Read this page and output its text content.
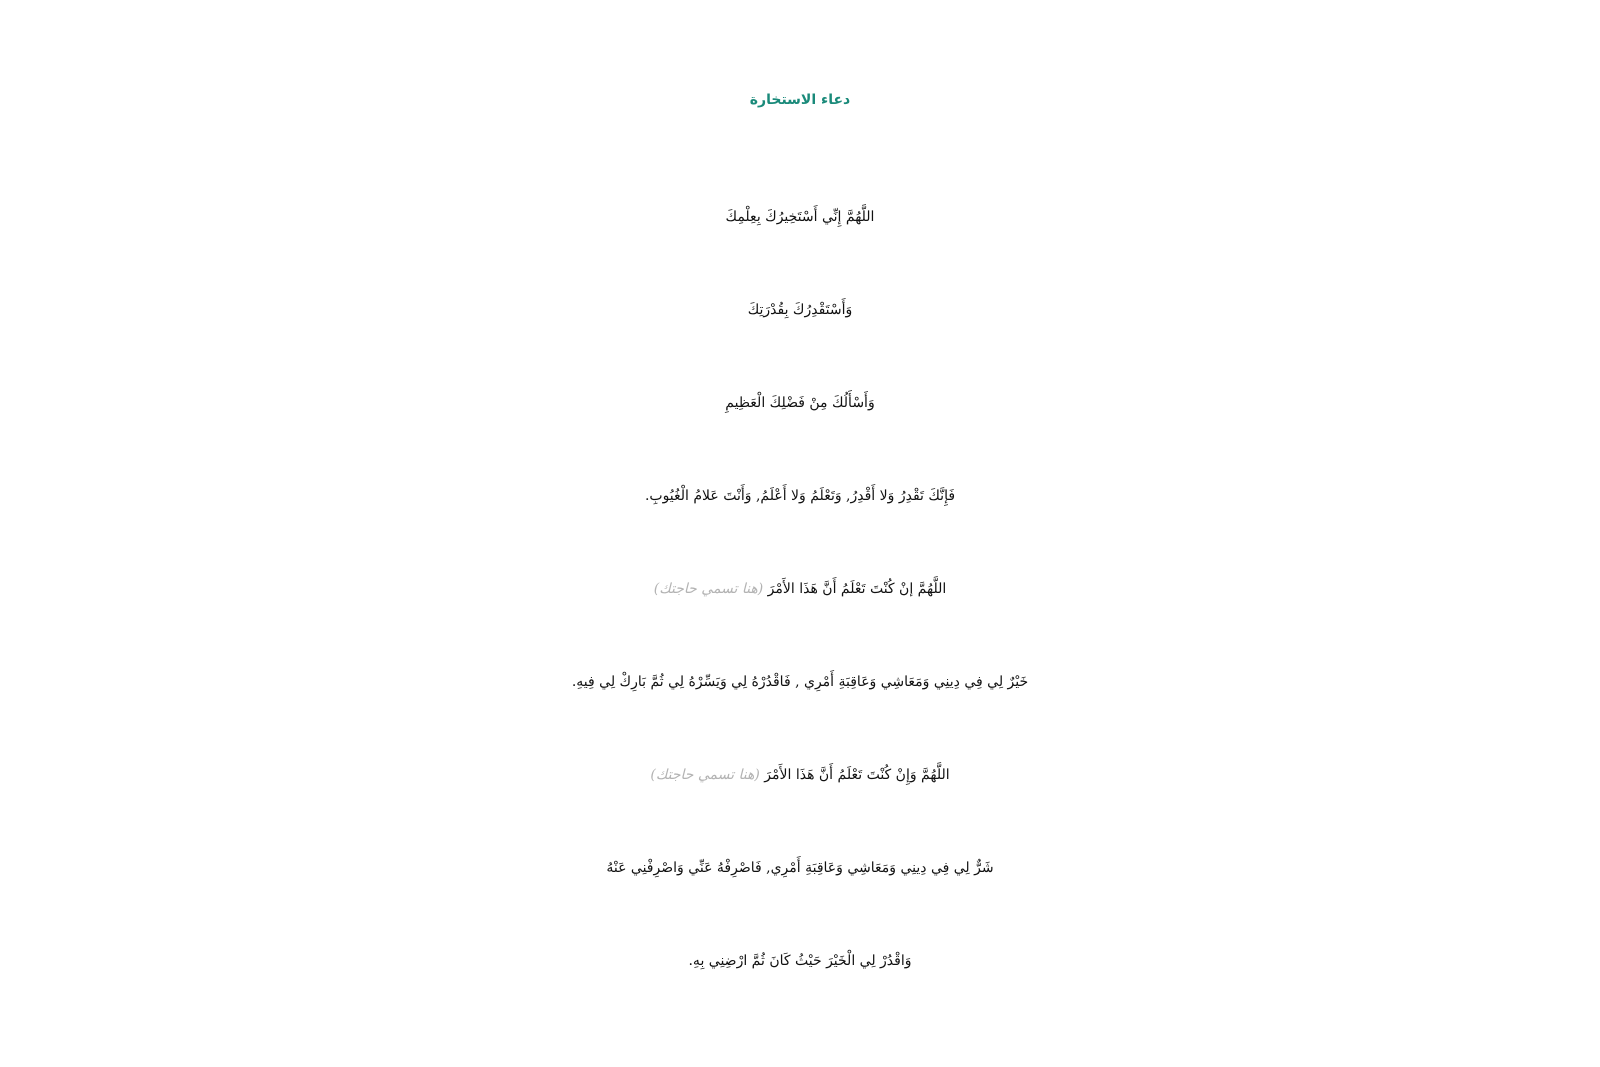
دعاء الاستخارة
اللَّهُمَّ إِنِّي أَسْتَخِيرُكَ بِعِلْمِكَ
وَأَسْتَقْدِرُكَ بِقُدْرَتِكَ
وَأَسْأَلُكَ مِنْ فَضْلِكَ الْعَظِيمِ
فَإِنَّكَ تَقْدِرُ وَلا أَقْدِرُ, وَتَعْلَمُ وَلا أَعْلَمُ, وَأَنْتَ عَلامُ الْغُيُوبِ.
اللَّهُمَّ إنْ كُنْتَ تَعْلَمُ أَنَّ هَذَا الأَمْرَ (هنا تسمي حاجتك)
خَيْرٌ لِي فِي دِينِي وَمَعَاشِي وَعَاقِبَةِ أَمْرِي , فَاقْدُرْهُ لِي وَيَسِّرْهُ لِي ثُمَّ بَارِكْ لِي فِيهِ.
اللَّهُمَّ وَإِنْ كُنْتَ تَعْلَمُ أَنَّ هَذَا الأَمْرَ (هنا تسمي حاجتك)
شَرٌّ لِي فِي دِينِي وَمَعَاشِي وَعَاقِبَةِ أَمْرِي, فَاصْرِفْهُ عَنِّي وَاصْرِفْنِي عَنْهُ
وَاقْدُرْ لِي الْخَيْرَ حَيْثُ كَانَ ثُمَّ ارْضِنِي بِهِ.
